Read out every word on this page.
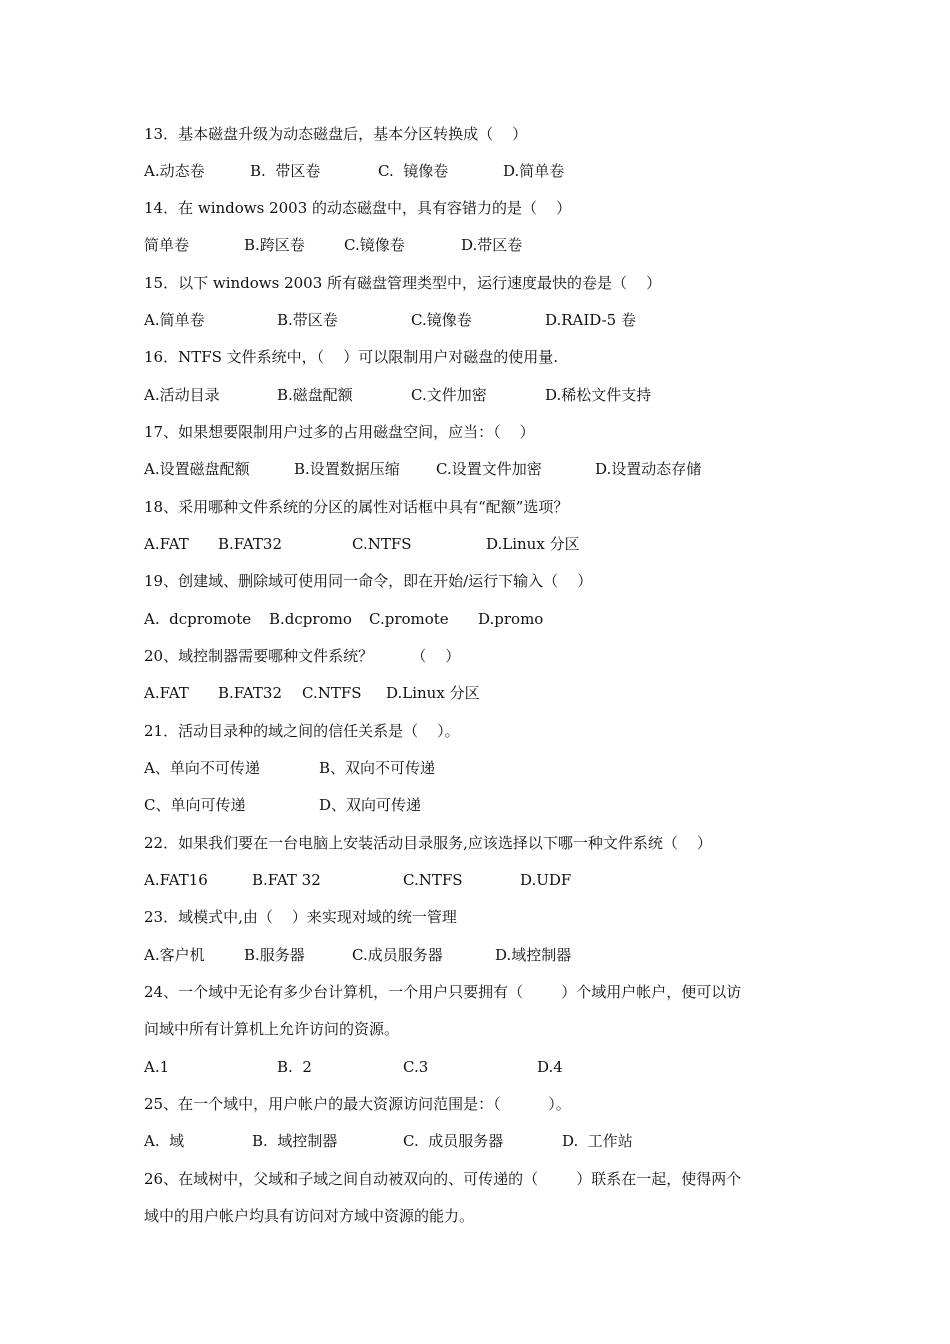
13．基本磁盘升级为动态磁盘后，基本分区转换成（    ）
A.动态卷	B.  带区卷	C.  镜像卷	D.简单卷
14．在 windows 2003 的动态磁盘中，具有容错力的是（    ）
简单卷	B.跨区卷	C.镜像卷	D.带区卷
15．以下 windows 2003 所有磁盘管理类型中，运行速度最快的卷是（    ）
A.简单卷	B.带区卷	C.镜像卷	D.RAID-5 卷
16．NTFS 文件系统中，（    ）可以限制用户对磁盘的使用量.
A.活动目录	B.磁盘配额	C.文件加密	D.稀松文件支持
17、如果想要限制用户过多的占用磁盘空间，应当：（    ）
A.设置磁盘配额	B.设置数据压缩 C.设置文件加密	D.设置动态存储
18、采用哪种文件系统的分区的属性对话框中具有“配额”选项？
A.FAT B.FAT32	C.NTFS	D.Linux 分区
19、创建域、删除域可使用同一命令，即在开始/运行下输入（    ）
A.  dcpromote B.dcpromo C.promote D.promo
20、域控制器需要哪种文件系统？        （    ）
A.FAT B.FAT32 C.NTFS D.Linux 分区
21．活动目录种的域之间的信任关系是（    ）。
A、单向不可传递	B、双向不可传递
C、单向可传递	D、双向可传递
22．如果我们要在一台电脑上安装活动目录服务,应该选择以下哪一种文件系统（    ）
A.FAT16	B.FAT 32	C.NTFS	D.UDF
23．域模式中,由（    ）来实现对域的统一管理
A.客户机	B.服务器	C.成员服务器	D.域控制器
24、一个域中无论有多少台计算机，一个用户只要拥有（        ）个域用户帐户，便可以访
问域中所有计算机上允许访问的资源。
A.1	B.  2	C.3	D.4
25、在一个域中，用户帐户的最大资源访问范围是：（          ）。
A.  域	B.  域控制器	C.  成员服务器	D.  工作站
26、在域树中，父域和子域之间自动被双向的、可传递的（        ）联系在一起，使得两个
域中的用户帐户均具有访问对方域中资源的能力。
